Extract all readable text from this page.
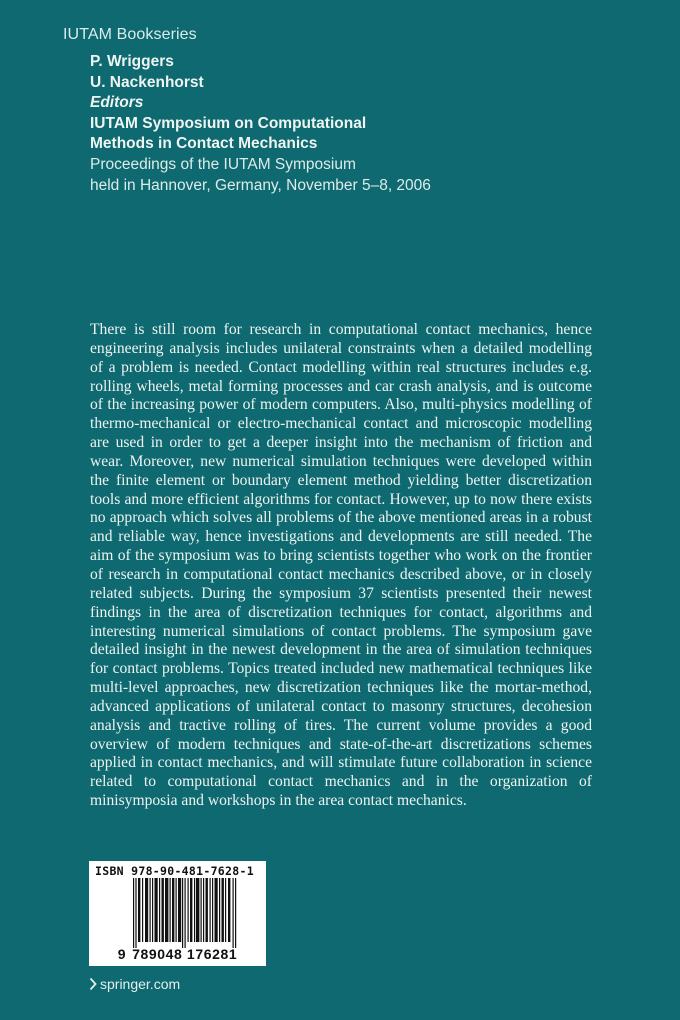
IUTAM Bookseries
P. Wriggers
U. Nackenhorst
Editors
IUTAM Symposium on Computational
Methods in Contact Mechanics
Proceedings of the IUTAM Symposium
held in Hannover, Germany, November 5–8, 2006

There is still room for research in computational contact mechanics, hence engineering analysis includes unilateral constraints when a detailed modelling of a problem is needed. Contact modelling within real structures includes e.g. rolling wheels, metal forming processes and car crash analysis, and is outcome of the increasing power of modern computers. Also, multi-physics modelling of thermo-mechanical or electro-mechanical contact and microscopic modelling are used in order to get a deeper insight into the mechanism of friction and wear. Moreover, new numerical simulation techniques were developed within the finite element or boundary element method yielding better discretization tools and more efficient algorithms for contact. However, up to now there exists no approach which solves all problems of the above mentioned areas in a robust and reliable way, hence investigations and developments are still needed. The aim of the symposium was to bring scientists together who work on the frontier of research in computational contact mechanics described above, or in closely related subjects. During the symposium 37 scientists presented their newest findings in the area of discretization techniques for contact, algorithms and interesting numerical simulations of contact problems. The symposium gave detailed insight in the newest development in the area of simulation techniques for contact problems. Topics treated included new mathematical techniques like multi-level approaches, new discretization techniques like the mortar-method, advanced applications of unilateral contact to masonry structures, decohesion analysis and tractive rolling of tires. The current volume provides a good overview of modern techniques and state-of-the-art discretizations schemes applied in contact mechanics, and will stimulate future collaboration in science related to computational contact mechanics and in the organization of minisymposia and workshops in the area contact mechanics.

ISBN 978-90-481-7628-1
9 789048 176281
springer.com
